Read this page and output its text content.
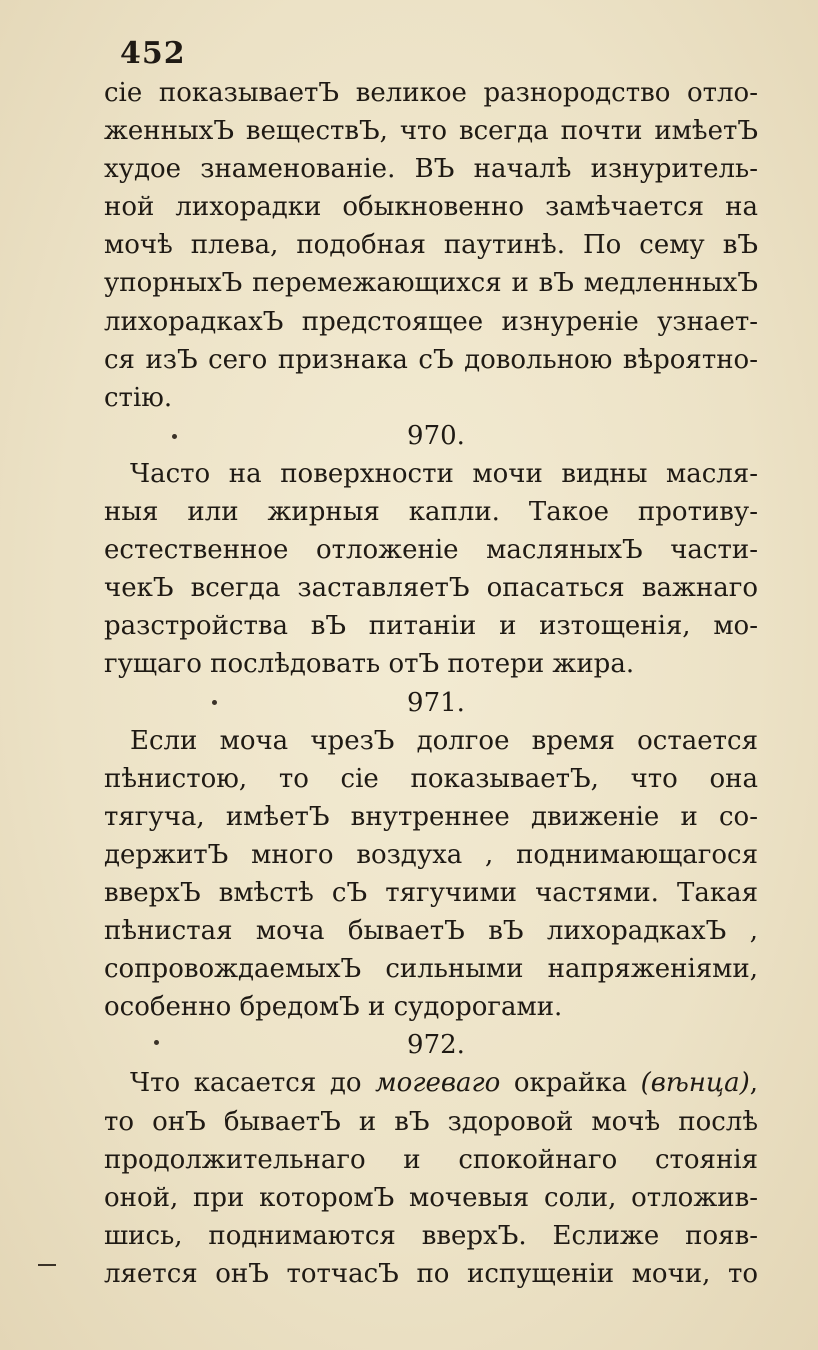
452
сіе показываетЪ великое разнородство отло-
женныхЪ веществЪ, что всегда почти имѣетЪ
худое знаменованіе. ВЪ началѣ изнуритель-
ной лихорадки обыкновенно замѣчается на
мочѣ плева, подобная паутинѣ. По сему вЪ
упорныхЪ перемежающихся и вЪ медленныхЪ
лихорадкахЪ предстоящее изнуреніе узнает-
ся изЪ сего признака сЪ довольною вѣроятно-
стію.
970.
Часто на поверхности мочи видны масля-
ныя или жирныя капли. Такое противу-
естественное отложеніе масляныхЪ части-
чекЪ всегда заставляетЪ опасаться важнаго
разстройства вЪ питаніи и изтощенія, мо-
гущаго послѣдовать отЪ потери жира.
971.
Если моча чрезЪ долгое время остается
пѣнистою, то сіе показываетЪ, что она
тягуча, имѣетЪ внутреннее движеніе и со-
держитЪ много воздуха , поднимающагося
вверхЪ вмѣстѣ сЪ тягучими частями. Такая
пѣнистая моча бываетЪ вЪ лихорадкахЪ ,
сопровождаемыхЪ сильными напряженіями,
особенно бредомЪ и судорогами.
972.
Что касается до могеваго окрайка (вѣнца),
то онЪ бываетЪ и вЪ здоровой мочѣ послѣ
продолжительнаго и спокойнаго стоянія
оной, при которомЪ мочевыя соли, отложив-
шись, поднимаются вверхЪ. Еслиже появ-
ляется онЪ тотчасЪ по испущеніи мочи, то
